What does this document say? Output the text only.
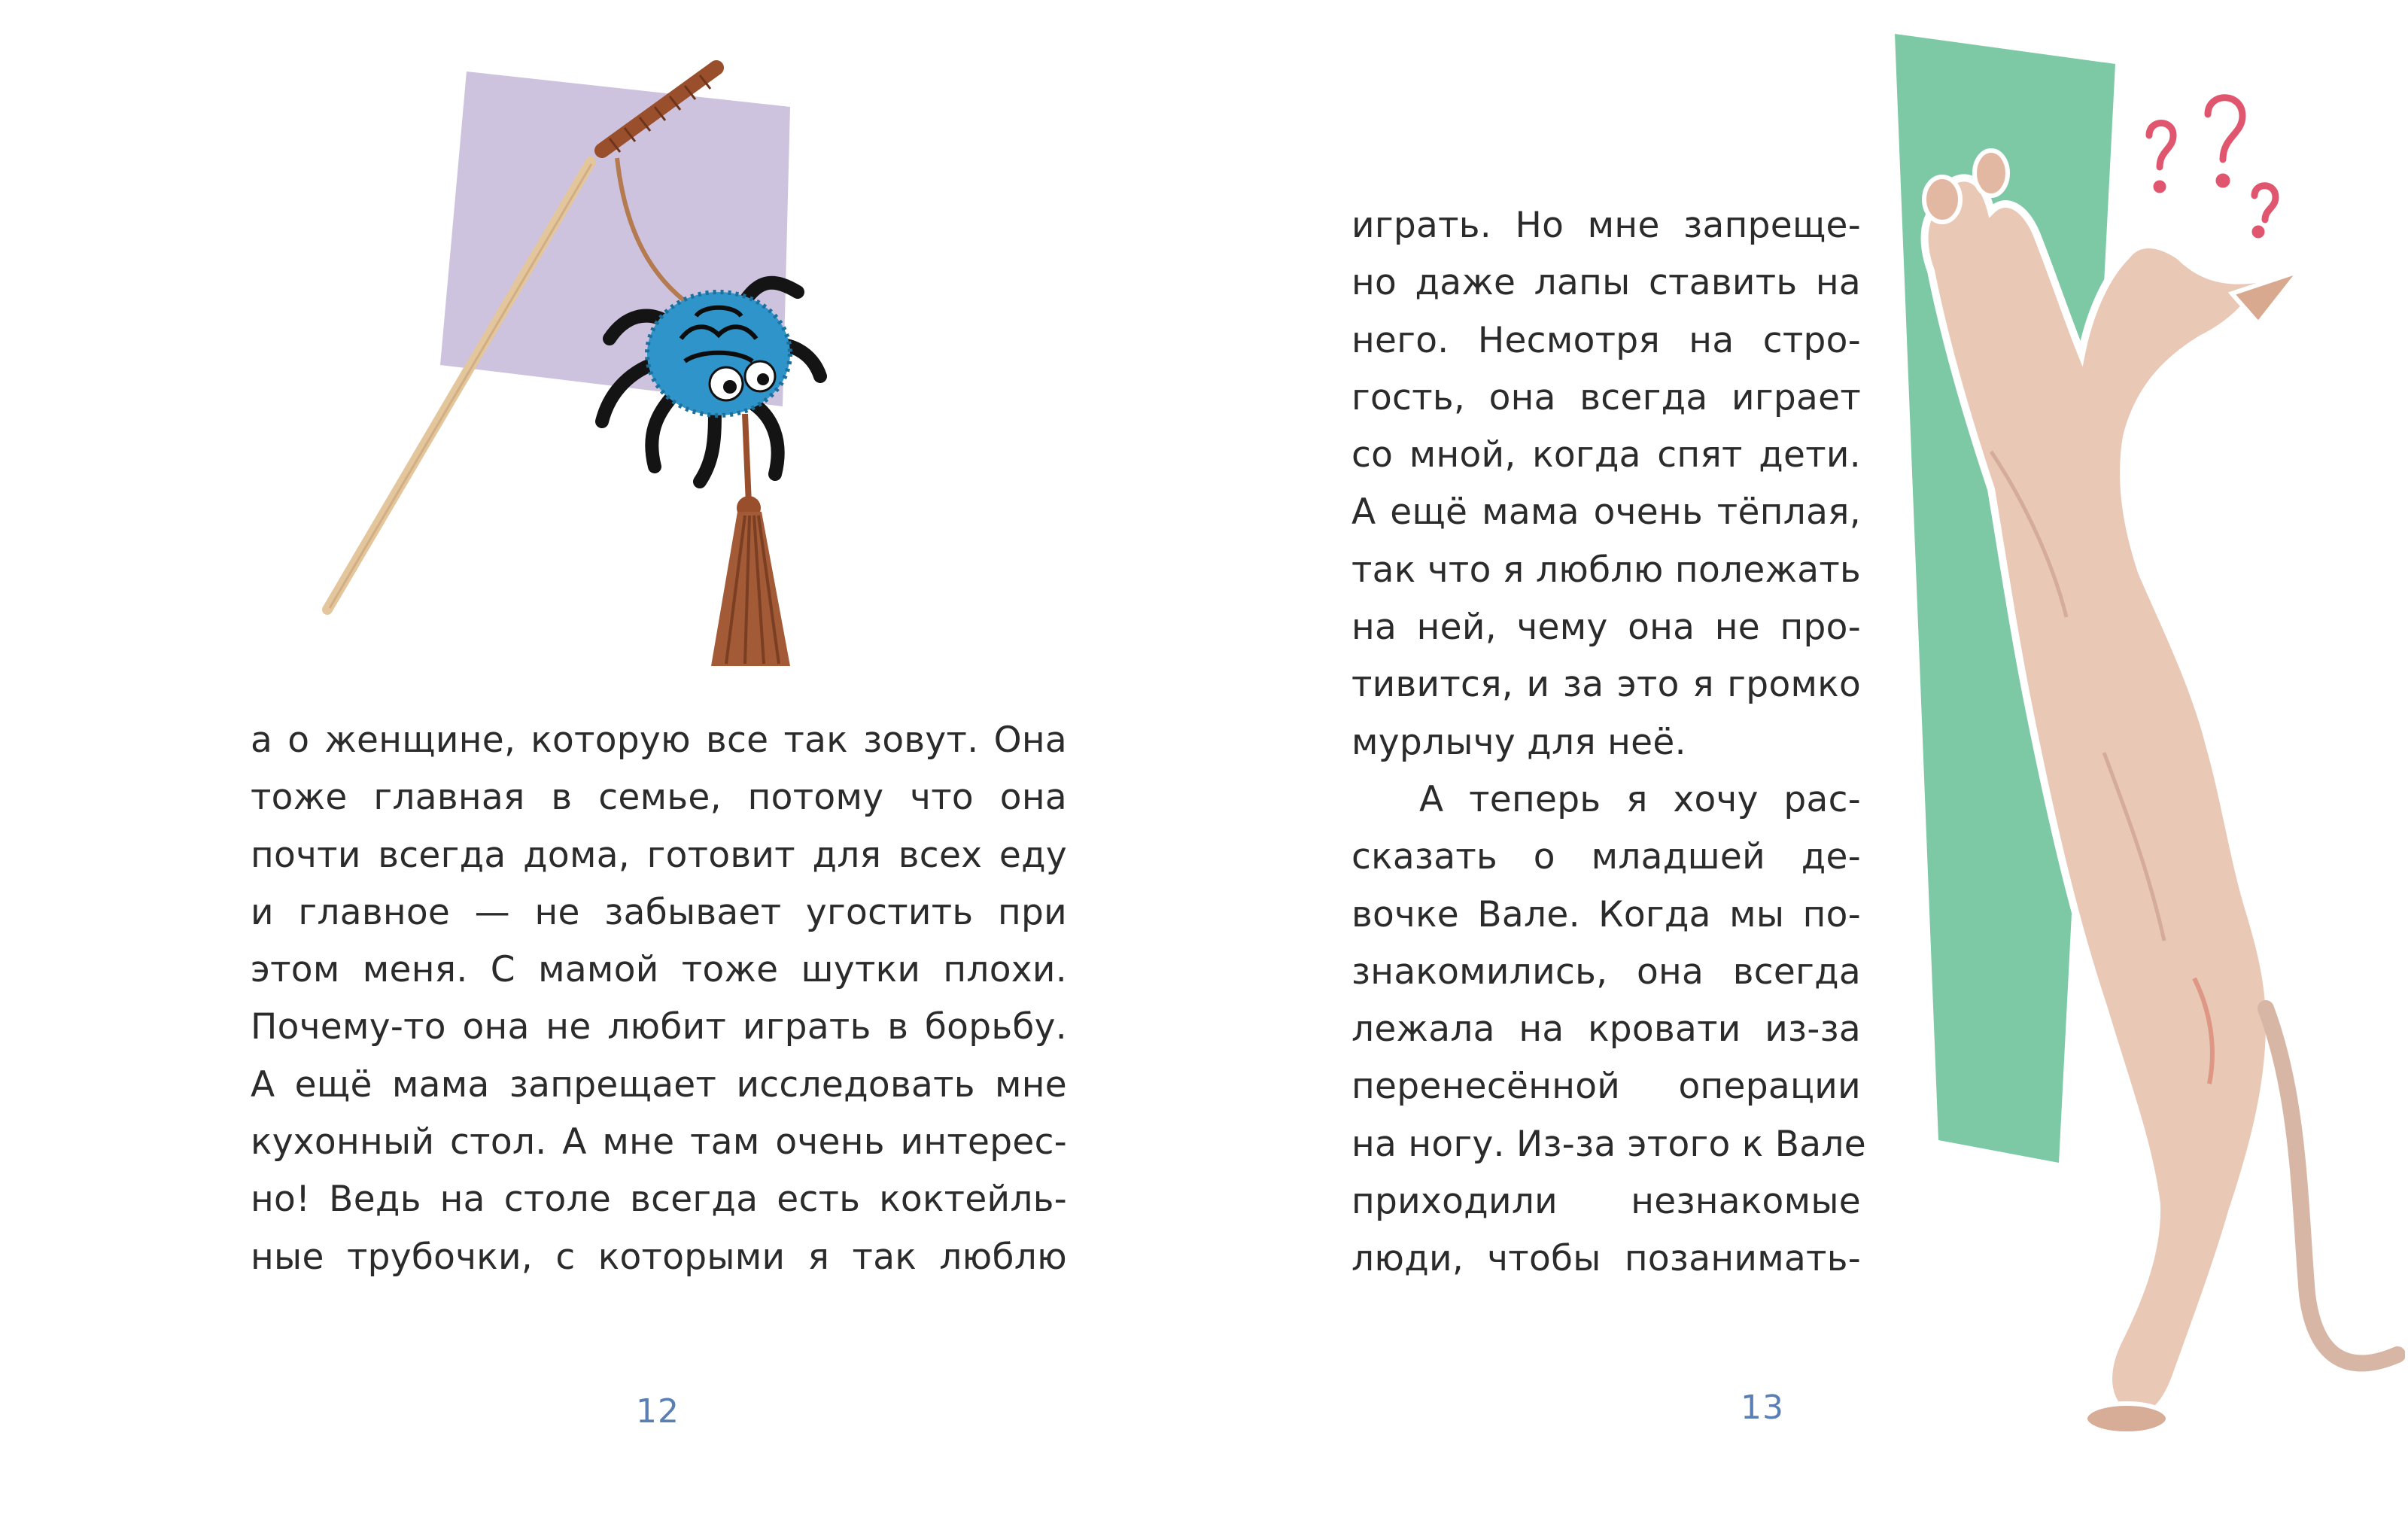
а о женщине, которую все так зовут. Она
тоже главная в семье, потому что она
почти всегда дома, готовит для всех еду
и главное — не забывает угостить при
этом меня. С мамой тоже шутки плохи.
Почему-то она не любит играть в борьбу.
А ещё мама запрещает исследовать мне
кухонный стол. А мне там очень интерес-
но! Ведь на столе всегда есть коктейль-
ные трубочки, с которыми я так люблю
12
играть. Но мне запреще-
но даже лапы ставить на
него. Несмотря на стро-
гость, она всегда играет
со мной, когда спят дети.
А ещё мама очень тёплая,
так что я люблю полежать
на ней, чему она не про-
тивится, и за это я громко
мурлычу для неё.
А теперь я хочу рас-
сказать о младшей де-
вочке Вале. Когда мы по-
знакомились, она всегда
лежала на кровати из-за
перенесённой операции
на ногу. Из-за этого к Вале
приходили незнакомые
люди, чтобы позанимать-
13
